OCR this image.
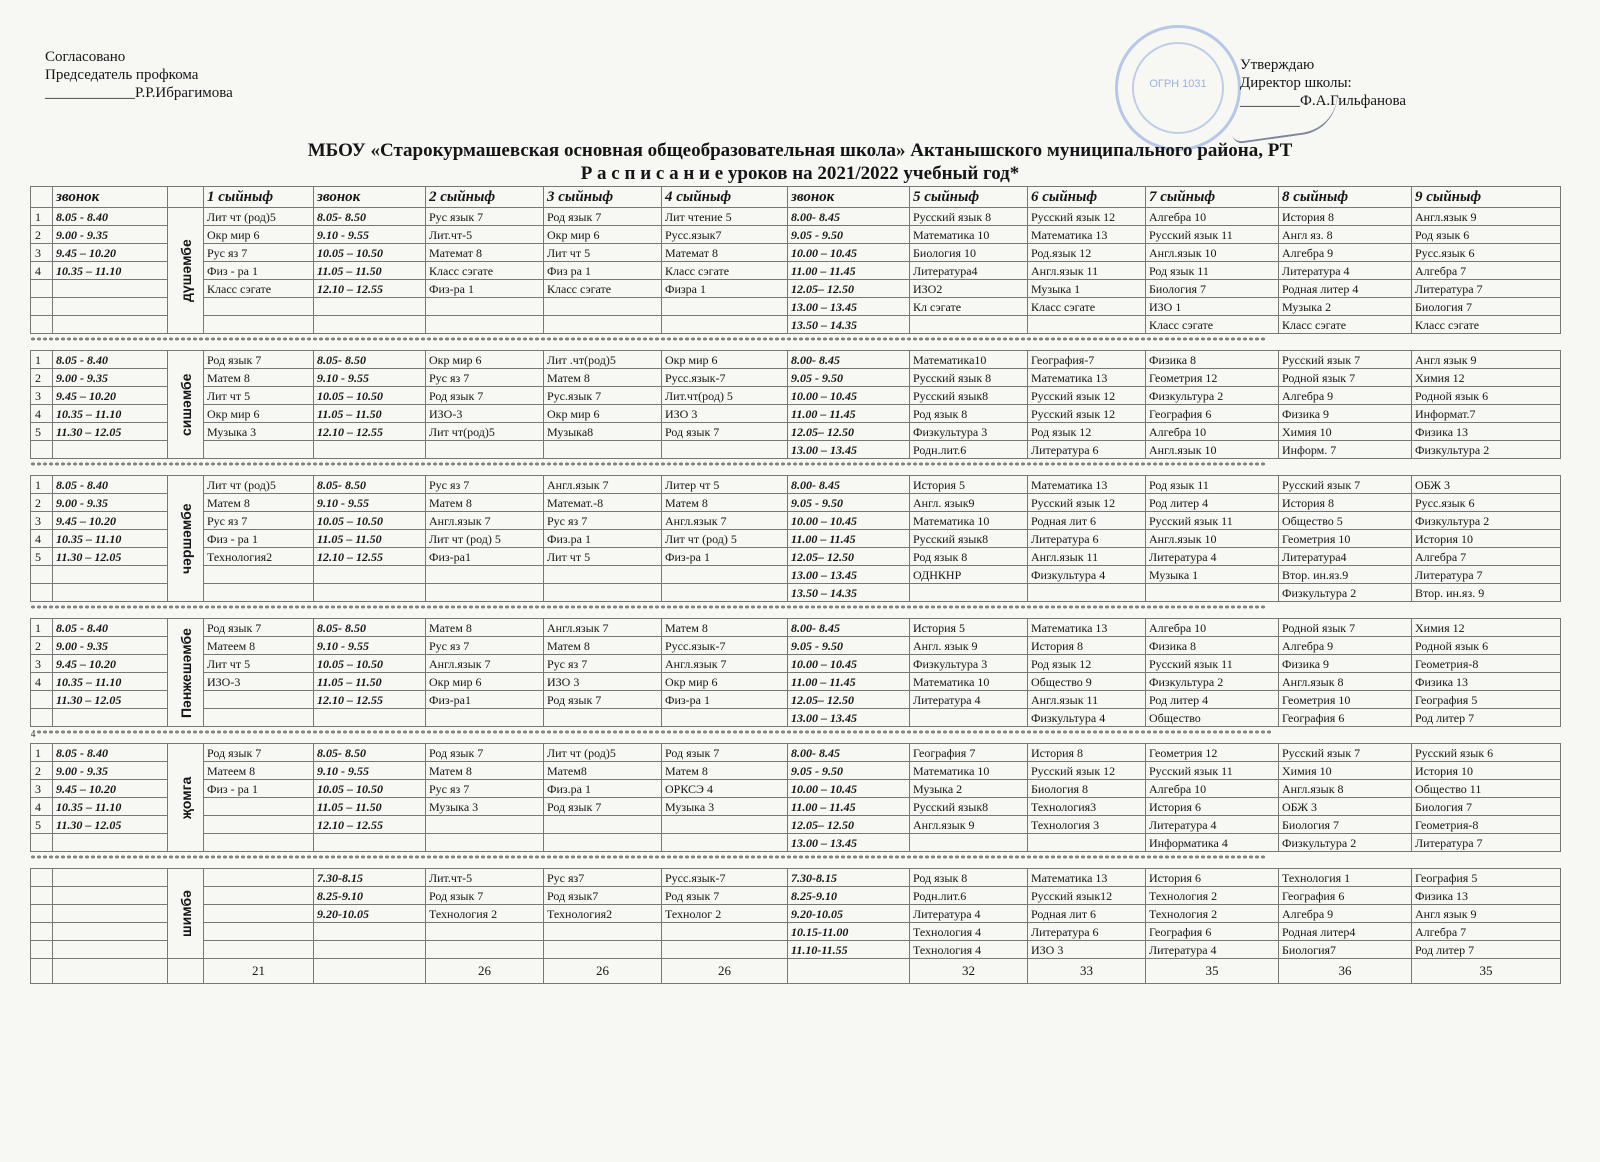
Согласовано
Председатель профкома
____________Р.Р.Ибрагимова
ОГРН 1031
Утверждаю
Директор школы:
________Ф.А.Гильфанова
МБОУ «Старокурмашевская основная общеобразовательная школа» Актанышского муниципального района, РТ
Р а с п и с а н и е уроков на 2021/2022 учебный год*
	звонок		1 сыйныф	звонок	2 сыйныф	3 сыйныф	4 сыйныф	звонок	5 сыйныф	6 сыйныф	7 сыйныф	8 сыйныф	9 сыйныф
1	8.05 - 8.40	дүшәмбе	Лит чт (род)5	8.05- 8.50	Рус язык 7	Род язык 7	Лит чтение 5	8.00- 8.45	Русский язык 8	Русский язык 12	Алгебра 10	История 8	Англ.язык 9
2	9.00 - 9.35		Окр мир 6	9.10 - 9.55	Лит.чт-5	Окр мир 6	Русс.язык7	9.05 - 9.50	Математика 10	Математика 13	Русский язык 11	Англ яз. 8	Род язык 6
3	9.45 – 10.20		Рус яз 7	10.05 – 10.50	Математ 8	Лит чт 5	Математ 8	10.00 – 10.45	Биология 10	Род.язык 12	Англ.язык 10	Алгебра 9	Русс.язык 6
4	10.35 – 11.10		Физ - ра 1	11.05 – 11.50	Класс сэгате	Физ ра 1	Класс сэгате	11.00 – 11.45	Литература4	Англ.язык 11	Род язык 11	Литература 4	Алгебра 7
			Класс сэгате	12.10 – 12.55	Физ-ра 1	Класс сэгате	Физра 1	12.05– 12.50	ИЗО2	Музыка 1	Биология 7	Родная литер 4	Литература 7
								13.00 – 13.45	Кл сэгате	Класс сэгате	ИЗО 1	Музыка 2	Биология 7
								13.50 – 14.35			Класс сэгате	Класс сэгате	Класс сэгате
**************************************************************************************************************************************************************************************************************													
1	8.05 - 8.40	сишәмбе	Род язык 7	8.05- 8.50	Окр мир 6	Лит .чт(род)5	Окр мир 6	8.00- 8.45	Математика10	География-7	Физика 8	Русский язык 7	Англ язык 9
2	9.00 - 9.35		Матем 8	9.10 - 9.55	Рус яз 7	Матем 8	Русс.язык-7	9.05 - 9.50	Русский язык 8	Математика 13	Геометрия 12	Родной язык 7	Химия 12
3	9.45 – 10.20		Лит чт 5	10.05 – 10.50	Род язык 7	Рус.язык 7	Лит.чт(род) 5	10.00 – 10.45	Русский язык8	Русский язык 12	Физкультура 2	Алгебра 9	Родной язык 6
4	10.35 – 11.10		Окр мир 6	11.05 – 11.50	ИЗО-3	Окр мир 6	ИЗО 3	11.00 – 11.45	Род язык 8	Русский язык 12	География 6	Физика 9	Информат.7
5	11.30 – 12.05		Музыка 3	12.10 – 12.55	Лит чт(род)5	Музыка8	Род язык 7	12.05– 12.50	Физкультура 3	Род язык 12	Алгебра 10	Химия 10	Физика 13
								13.00 – 13.45	Родн.лит.6	Литература 6	Англ.язык 10	Информ. 7	Физкультура 2
**************************************************************************************************************************************************************************************************************													
1	8.05 - 8.40	чәршәмбе	Лит чт (род)5	8.05- 8.50	Рус яз 7	Англ.язык 7	Литер чт 5	8.00- 8.45	История 5	Математика 13	Род язык 11	Русский язык 7	ОБЖ 3
2	9.00 - 9.35		Матем 8	9.10 - 9.55	Матем 8	Математ.-8	Матем 8	9.05 - 9.50	Англ. язык9	Русский язык 12	Род литер 4	История 8	Русс.язык 6
3	9.45 – 10.20		Рус яз 7	10.05 – 10.50	Англ.язык 7	Рус яз 7	Англ.язык 7	10.00 – 10.45	Математика 10	Родная лит 6	Русский язык 11	Общество 5	Физкультура 2
4	10.35 – 11.10		Физ - ра 1	11.05 – 11.50	Лит чт (род) 5	Физ.ра 1	Лит чт (род) 5	11.00 – 11.45	Русский язык8	Литература 6	Англ.язык 10	Геометрия 10	История 10
5	11.30 – 12.05		Технология2	12.10 – 12.55	Физ-ра1	Лит чт 5	Физ-ра 1	12.05– 12.50	Род язык 8	Англ.язык 11	Литература 4	Литература4	Алгебра 7
								13.00 – 13.45	ОДНКНР	Физкультура 4	Музыка 1	Втор. ин.яз.9	Литература 7
								13.50 – 14.35				Физкультура 2	Втор. ин.яз. 9
**************************************************************************************************************************************************************************************************************													
1	8.05 - 8.40	Пәнжешәмбе	Род язык 7	8.05- 8.50	Матем 8	Англ.язык 7	Матем 8	8.00- 8.45	История 5	Математика 13	Алгебра 10	Родной язык 7	Химия 12
2	9.00 - 9.35		Матеем 8	9.10 - 9.55	Рус яз 7	Матем 8	Русс.язык-7	9.05 - 9.50	Англ. язык 9	История 8	Физика 8	Алгебра 9	Родной язык 6
3	9.45 – 10.20		Лит чт 5	10.05 – 10.50	Англ.язык 7	Рус яз 7	Англ.язык 7	10.00 – 10.45	Физкультура 3	Род язык 12	Русский язык 11	Физика 9	Геометрия-8
4	10.35 – 11.10		ИЗО-3	11.05 – 11.50	Окр мир 6	ИЗО 3	Окр мир 6	11.00 – 11.45	Математика 10	Общество 9	Физкультура 2	Англ.язык 8	Физика 13
	11.30 – 12.05			12.10 – 12.55	Физ-ра1	Род язык 7	Физ-ра 1	12.05– 12.50	Литература 4	Англ.язык 11	Род литер 4	Геометрия 10	География 5
								13.00 – 13.45		Физкультура 4	Общество	География 6	Род литер 7
4**************************************************************************************************************************************************************************************************************													
1	8.05 - 8.40	җомга	Род язык 7	8.05- 8.50	Род язык 7	Лит чт (род)5	Род язык 7	8.00- 8.45	География 7	История 8	Геометрия 12	Русский язык 7	Русский язык 6
2	9.00 - 9.35		Матеем 8	9.10 - 9.55	Матем 8	Матем8	Матем 8	9.05 - 9.50	Математика 10	Русский язык 12	Русский язык 11	Химия 10	История 10
3	9.45 – 10.20		Физ - ра 1	10.05 – 10.50	Рус яз 7	Физ.ра 1	ОРКСЭ 4	10.00 – 10.45	Музыка 2	Биология 8	Алгебра 10	Англ.язык 8	Общество 11
4	10.35 – 11.10			11.05 – 11.50	Музыка 3	Род язык 7	Музыка 3	11.00 – 11.45	Русский язык8	Технология3	История 6	ОБЖ 3	Биология 7
5	11.30 – 12.05			12.10 – 12.55				12.05– 12.50	Англ.язык 9	Технология 3	Литература 4	Биология 7	Геометрия-8
								13.00 – 13.45			Информатика 4	Физкультура 2	Литература 7
**************************************************************************************************************************************************************************************************************													
		шимбә		7.30-8.15	Лит.чт-5	Рус яз7	Русс.язык-7	7.30-8.15	Род язык 8	Математика 13	История 6	Технология 1	География 5
				8.25-9.10	Род язык 7	Род язык7	Род язык 7	8.25-9.10	Родн.лит.6	Русский язык12	Технология 2	География 6	Физика 13
				9.20-10.05	Технология 2	Технология2	Технолог 2	9.20-10.05	Литература 4	Родная лит 6	Технология 2	Алгебра 9	Англ язык 9
								10.15-11.00	Технология 4	Литература 6	География 6	Родная литер4	Алгебра 7
								11.10-11.55	Технология 4	ИЗО 3	Литература 4	Биология7	Род литер 7
			21		26	26	26		32	33	35	36	35
